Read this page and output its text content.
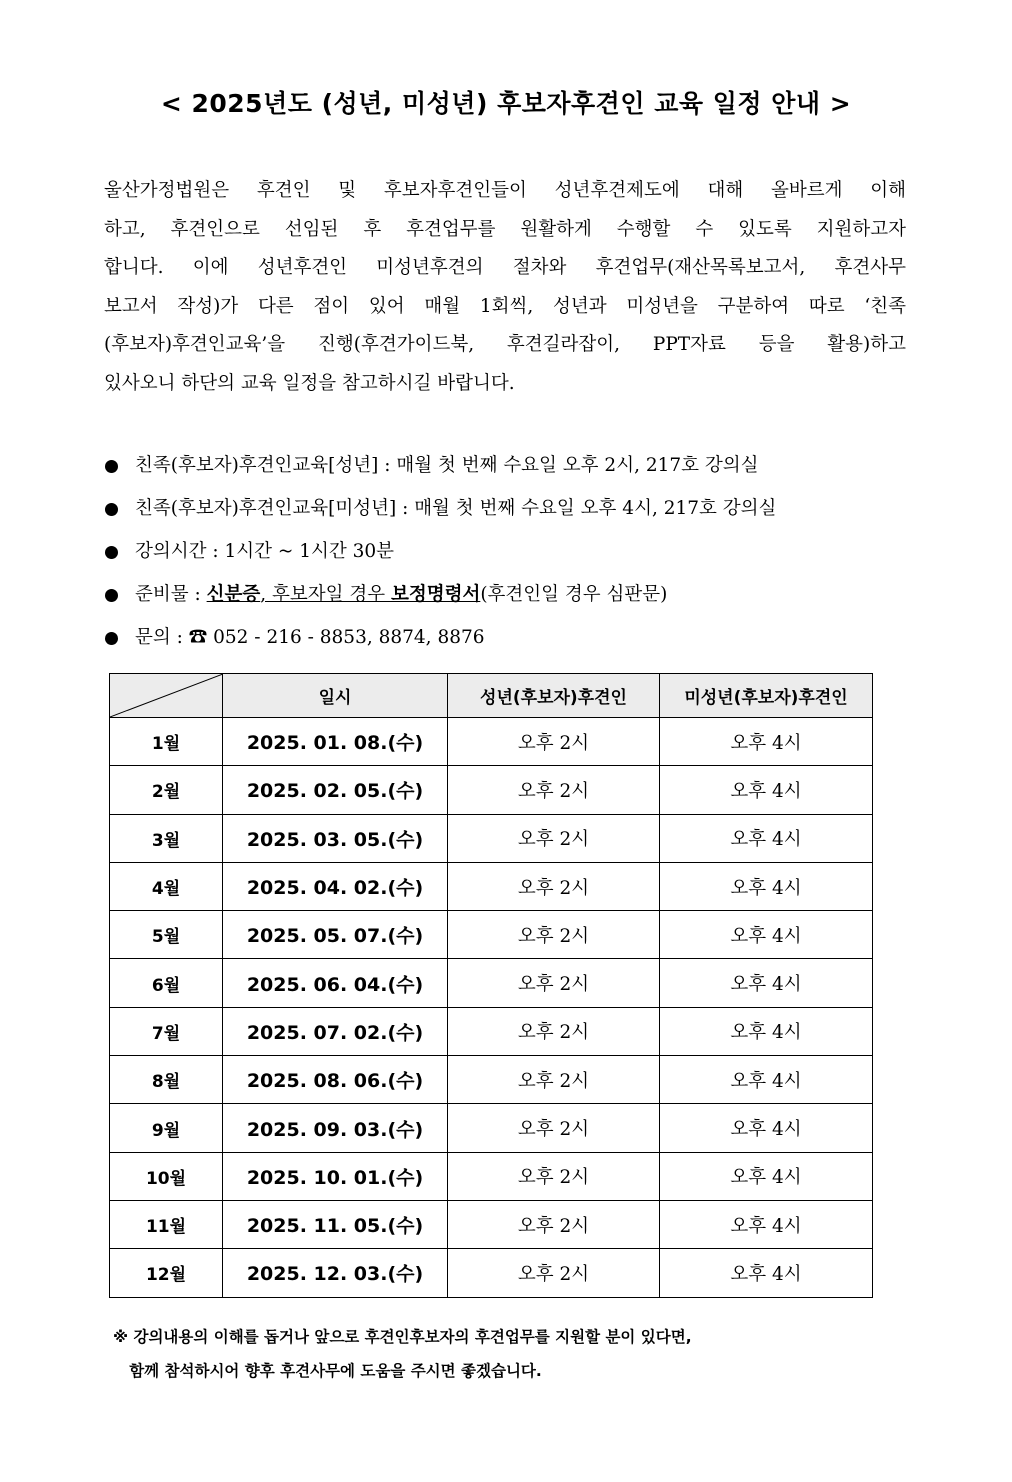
< 2025년도 (성년, 미성년) 후보자후견인 교육 일정 안내 >
울산가정법원은 후견인 및 후보자후견인들이 성년후견제도에 대해 올바르게 이해
하고, 후견인으로 선임된 후 후견업무를 원활하게 수행할 수 있도록 지원하고자
합니다. 이에 성년후견인 미성년후견의 절차와 후견업무(재산목록보고서, 후견사무
보고서 작성)가 다른 점이 있어 매월 1회씩, 성년과 미성년을 구분하여 따로 ‘친족
(후보자)후견인교육’을 진행(후견가이드북, 후견길라잡이, PPT자료 등을 활용)하고
있사오니 하단의 교육 일정을 참고하시길 바랍니다.
친족(후보자)후견인교육[성년] : 매월 첫 번째 수요일 오후 2시, 217호 강의실
친족(후보자)후견인교육[미성년] : 매월 첫 번째 수요일 오후 4시, 217호 강의실
강의시간 : 1시간 ~ 1시간 30분
준비물 : 신분증, 후보자일 경우 보정명령서(후견인일 경우 심판문)
문의 : ☎ 052 - 216 - 8853, 8874, 8876
	일시	성년(후보자)후견인	미성년(후보자)후견인
1월	2025. 01. 08.(수)	오후 2시	오후 4시
2월	2025. 02. 05.(수)	오후 2시	오후 4시
3월	2025. 03. 05.(수)	오후 2시	오후 4시
4월	2025. 04. 02.(수)	오후 2시	오후 4시
5월	2025. 05. 07.(수)	오후 2시	오후 4시
6월	2025. 06. 04.(수)	오후 2시	오후 4시
7월	2025. 07. 02.(수)	오후 2시	오후 4시
8월	2025. 08. 06.(수)	오후 2시	오후 4시
9월	2025. 09. 03.(수)	오후 2시	오후 4시
10월	2025. 10. 01.(수)	오후 2시	오후 4시
11월	2025. 11. 05.(수)	오후 2시	오후 4시
12월	2025. 12. 03.(수)	오후 2시	오후 4시
※ 강의내용의 이해를 돕거나 앞으로 후견인후보자의 후견업무를 지원할 분이 있다면,
함께 참석하시어 향후 후견사무에 도움을 주시면 좋겠습니다.
